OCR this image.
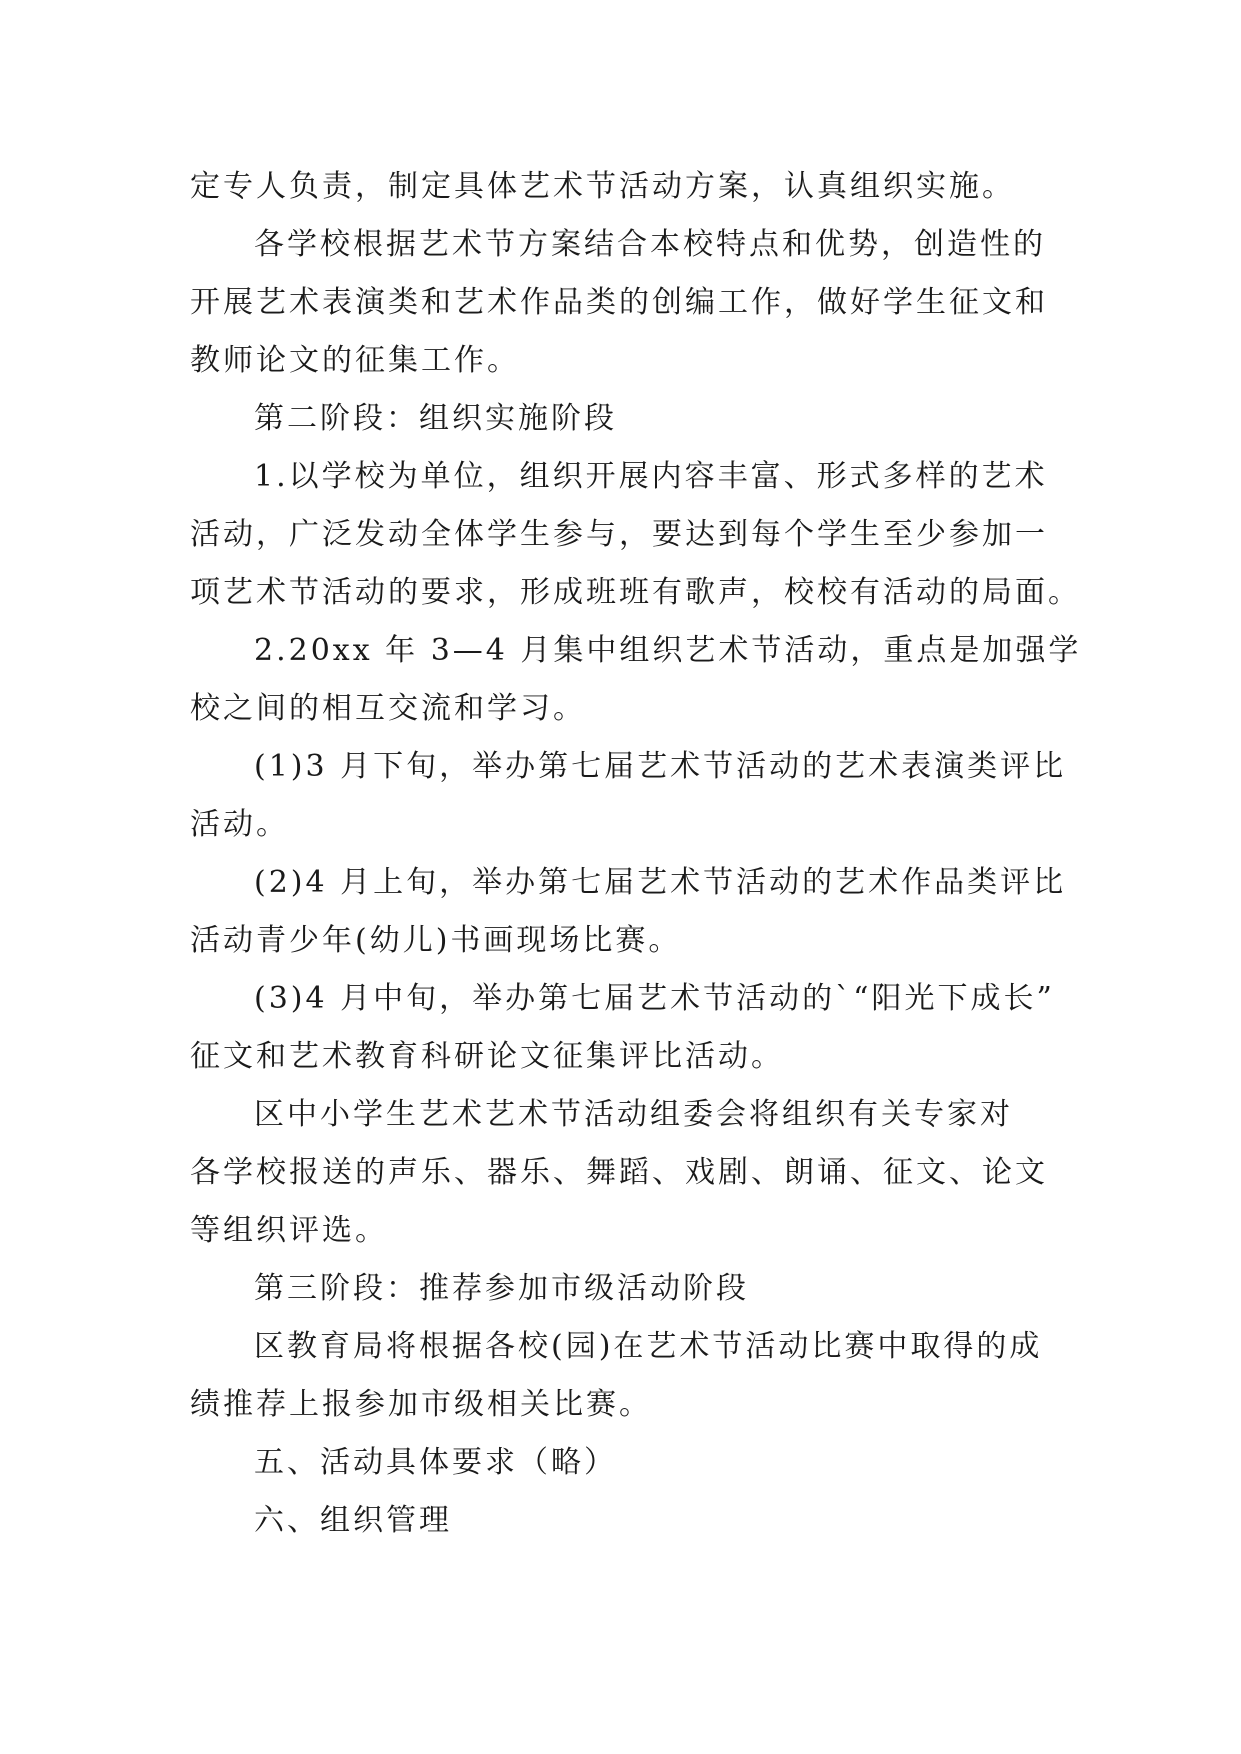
定专人负责，制定具体艺术节活动方案，认真组织实施。
各学校根据艺术节方案结合本校特点和优势，创造性的
开展艺术表演类和艺术作品类的创编工作，做好学生征文和
教师论文的征集工作。
第二阶段：组织实施阶段
1.以学校为单位，组织开展内容丰富、形式多样的艺术
活动，广泛发动全体学生参与，要达到每个学生至少参加一
项艺术节活动的要求，形成班班有歌声，校校有活动的局面。
2.20xx 年 3—4 月集中组织艺术节活动，重点是加强学
校之间的相互交流和学习。
(1)3 月下旬，举办第七届艺术节活动的艺术表演类评比
活动。
(2)4 月上旬，举办第七届艺术节活动的艺术作品类评比
活动青少年(幼儿)书画现场比赛。
(3)4 月中旬，举办第七届艺术节活动的`“阳光下成长”
征文和艺术教育科研论文征集评比活动。
区中小学生艺术艺术节活动组委会将组织有关专家对
各学校报送的声乐、器乐、舞蹈、戏剧、朗诵、征文、论文
等组织评选。
第三阶段：推荐参加市级活动阶段
区教育局将根据各校(园)在艺术节活动比赛中取得的成
绩推荐上报参加市级相关比赛。
五、活动具体要求（略）
六、组织管理
